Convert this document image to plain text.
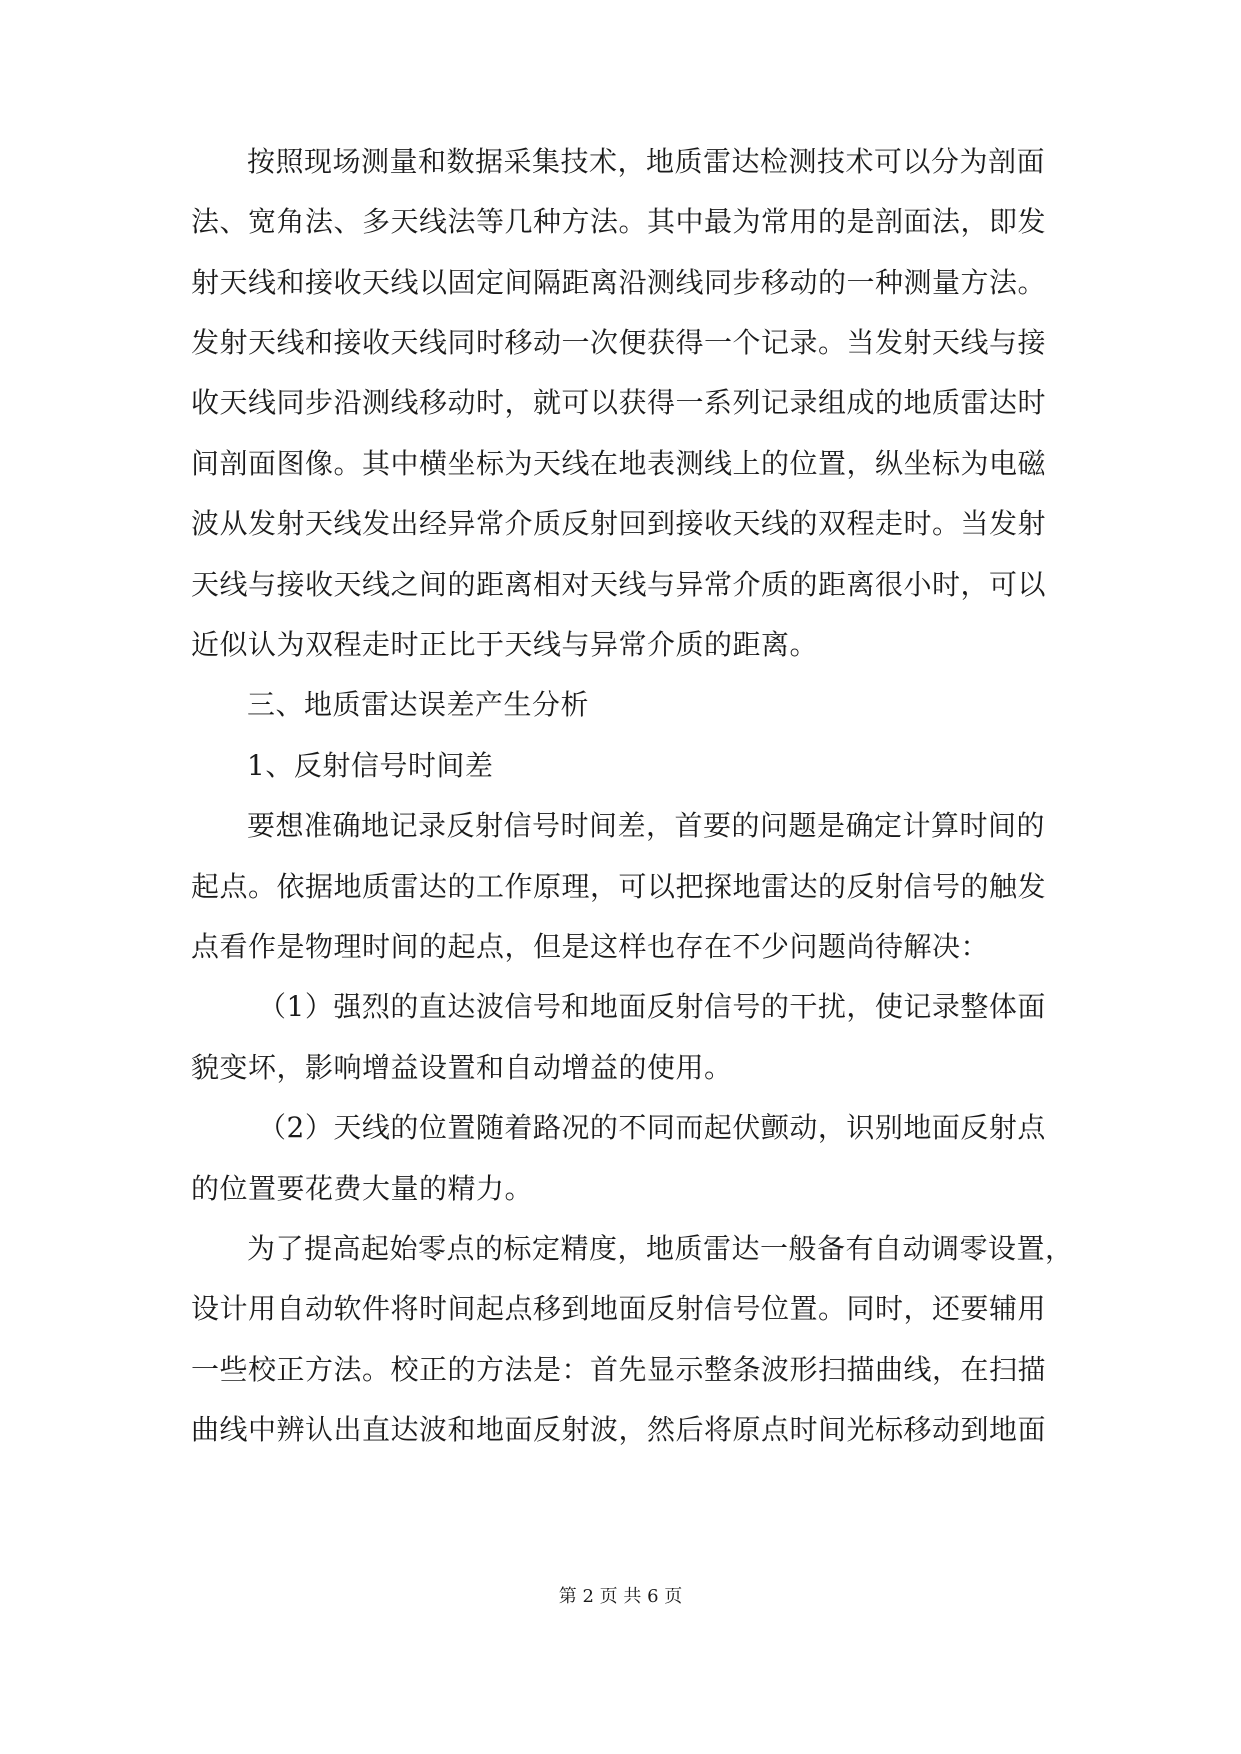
按照现场测量和数据采集技术，地质雷达检测技术可以分为剖面
法、宽角法、多天线法等几种方法。其中最为常用的是剖面法，即发
射天线和接收天线以固定间隔距离沿测线同步移动的一种测量方法。
发射天线和接收天线同时移动一次便获得一个记录。当发射天线与接
收天线同步沿测线移动时，就可以获得一系列记录组成的地质雷达时
间剖面图像。其中横坐标为天线在地表测线上的位置，纵坐标为电磁
波从发射天线发出经异常介质反射回到接收天线的双程走时。当发射
天线与接收天线之间的距离相对天线与异常介质的距离很小时，可以
近似认为双程走时正比于天线与异常介质的距离。
三、地质雷达误差产生分析
1、反射信号时间差
要想准确地记录反射信号时间差，首要的问题是确定计算时间的
起点。依据地质雷达的工作原理，可以把探地雷达的反射信号的触发
点看作是物理时间的起点，但是这样也存在不少问题尚待解决：
（1）强烈的直达波信号和地面反射信号的干扰，使记录整体面
貌变坏，影响增益设置和自动增益的使用。
（2）天线的位置随着路况的不同而起伏颤动，识别地面反射点
的位置要花费大量的精力。
为了提高起始零点的标定精度，地质雷达一般备有自动调零设置，
设计用自动软件将时间起点移到地面反射信号位置。同时，还要辅用
一些校正方法。校正的方法是：首先显示整条波形扫描曲线，在扫描
曲线中辨认出直达波和地面反射波，然后将原点时间光标移动到地面
第 2 页 共 6 页
